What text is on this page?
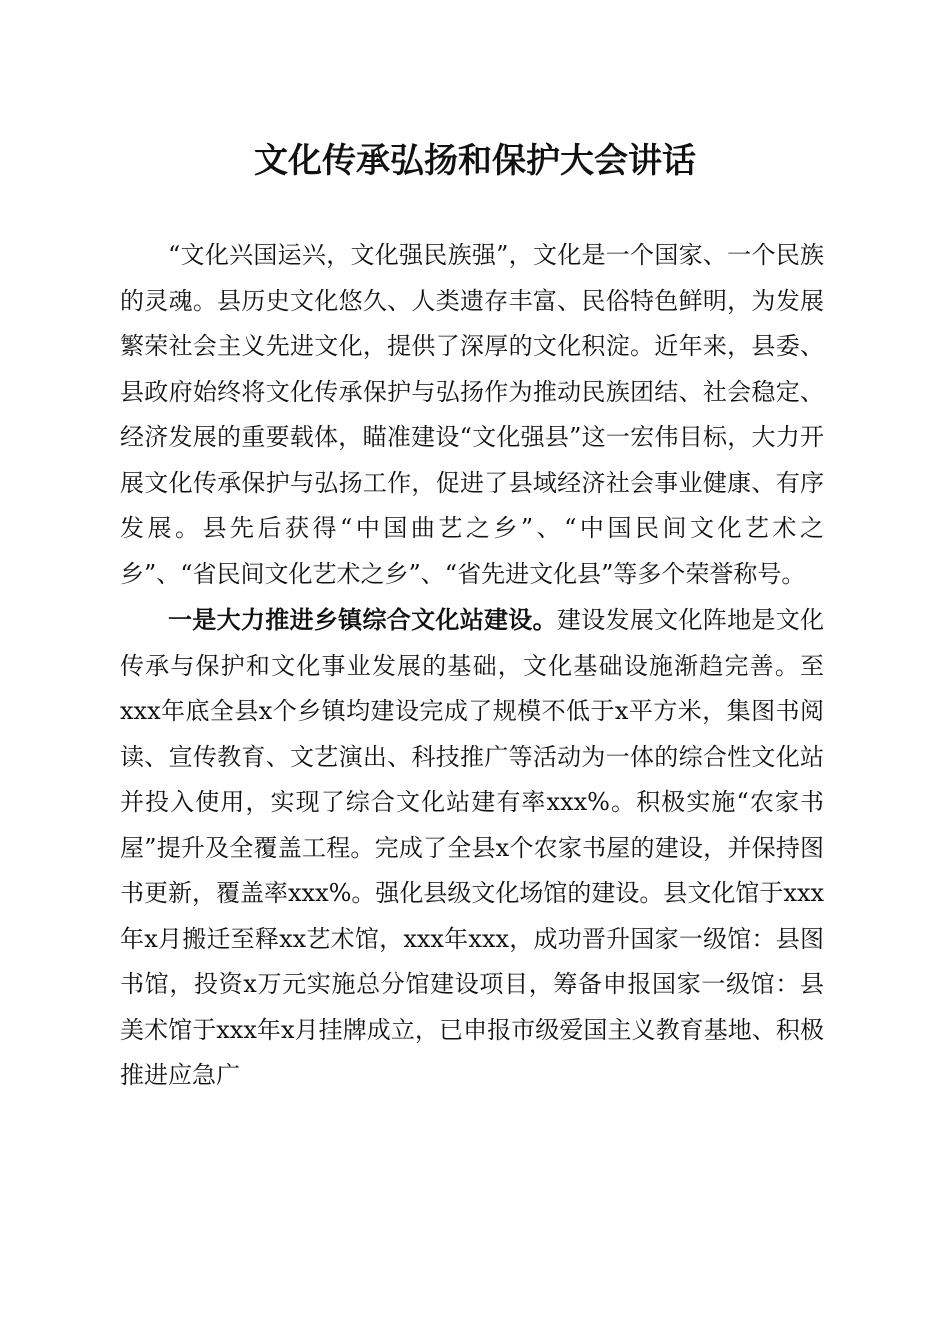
文化传承弘扬和保护大会讲话

“文化兴国运兴，文化强民族强”，文化是一个国家、一个民族的灵魂。县历史文化悠久、人类遗存丰富、民俗特色鲜明，为发展繁荣社会主义先进文化，提供了深厚的文化积淀。近年来，县委、县政府始终将文化传承保护与弘扬作为推动民族团结、社会稳定、经济发展的重要载体，瞄准建设“文化强县”这一宏伟目标，大力开展文化传承保护与弘扬工作，促进了县域经济社会事业健康、有序发展。县先后获得“中国曲艺之乡”、“中国民间文化艺术之乡”、“省民间文化艺术之乡”、“省先进文化县”等多个荣誉称号。

一是大力推进乡镇综合文化站建设。建设发展文化阵地是文化传承与保护和文化事业发展的基础，文化基础设施渐趋完善。至xxx年底全县x个乡镇均建设完成了规模不低于x平方米，集图书阅读、宣传教育、文艺演出、科技推广等活动为一体的综合性文化站并投入使用，实现了综合文化站建有率xxx%。积极实施“农家书屋”提升及全覆盖工程。完成了全县x个农家书屋的建设，并保持图书更新，覆盖率xxx%。强化县级文化场馆的建设。县文化馆于xxx年x月搬迁至释xx艺术馆，xxx年xxx，成功晋升国家一级馆：县图书馆，投资x万元实施总分馆建设项目，筹备申报国家一级馆：县美术馆于xxx年x月挂牌成立，已申报市级爱国主义教育基地、积极推进应急广
